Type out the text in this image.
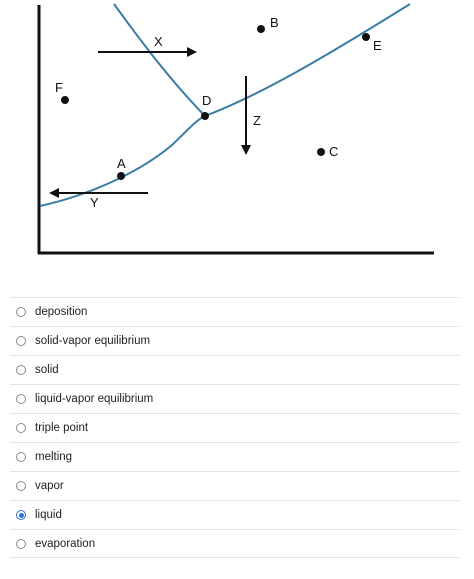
X
B
E
F
D
Z
C
A
Y
deposition
solid-vapor equilibrium
solid
liquid-vapor equilibrium
triple point
melting
vapor
liquid
evaporation
